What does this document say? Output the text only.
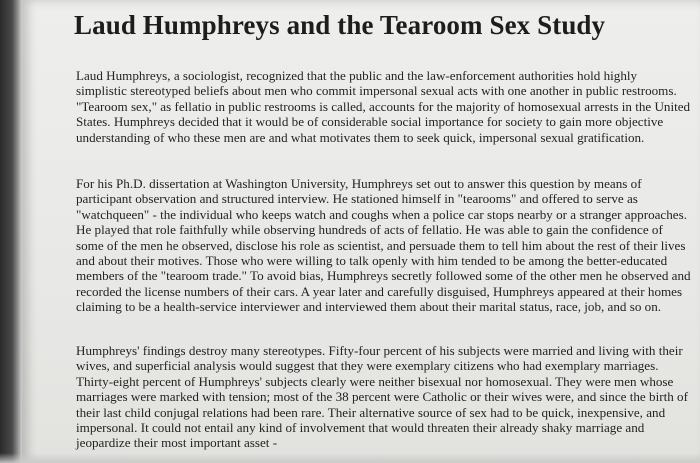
Laud Humphreys and the Tearoom Sex Study
Laud Humphreys, a sociologist, recognized that the public and the law-enforcement authorities hold highly simplistic stereotyped beliefs about men who commit impersonal sexual acts with one another in public restrooms. "Tearoom sex," as fellatio in public restrooms is called, accounts for the majority of homosexual arrests in the United States. Humphreys decided that it would be of considerable social importance for society to gain more objective understanding of who these men are and what motivates them to seek quick, impersonal sexual gratification.
For his Ph.D. dissertation at Washington University, Humphreys set out to answer this question by means of participant observation and structured interview. He stationed himself in "tearooms" and offered to serve as "watchqueen" - the individual who keeps watch and coughs when a police car stops nearby or a stranger approaches. He played that role faithfully while observing hundreds of acts of fellatio. He was able to gain the confidence of some of the men he observed, disclose his role as scientist, and persuade them to tell him about the rest of their lives and about their motives. Those who were willing to talk openly with him tended to be among the better-educated members of the "tearoom trade." To avoid bias, Humphreys secretly followed some of the other men he observed and recorded the license numbers of their cars. A year later and carefully disguised, Humphreys appeared at their homes claiming to be a health-service interviewer and interviewed them about their marital status, race, job, and so on.
Humphreys' findings destroy many stereotypes. Fifty-four percent of his subjects were married and living with their wives, and superficial analysis would suggest that they were exemplary citizens who had exemplary marriages. Thirty-eight percent of Humphreys' subjects clearly were neither bisexual nor homosexual. They were men whose marriages were marked with tension; most of the 38 percent were Catholic or their wives were, and since the birth of their last child conjugal relations had been rare. Their alternative source of sex had to be quick, inexpensive, and impersonal. It could not entail any kind of involvement that would threaten their already shaky marriage and jeopardize their most important asset -
